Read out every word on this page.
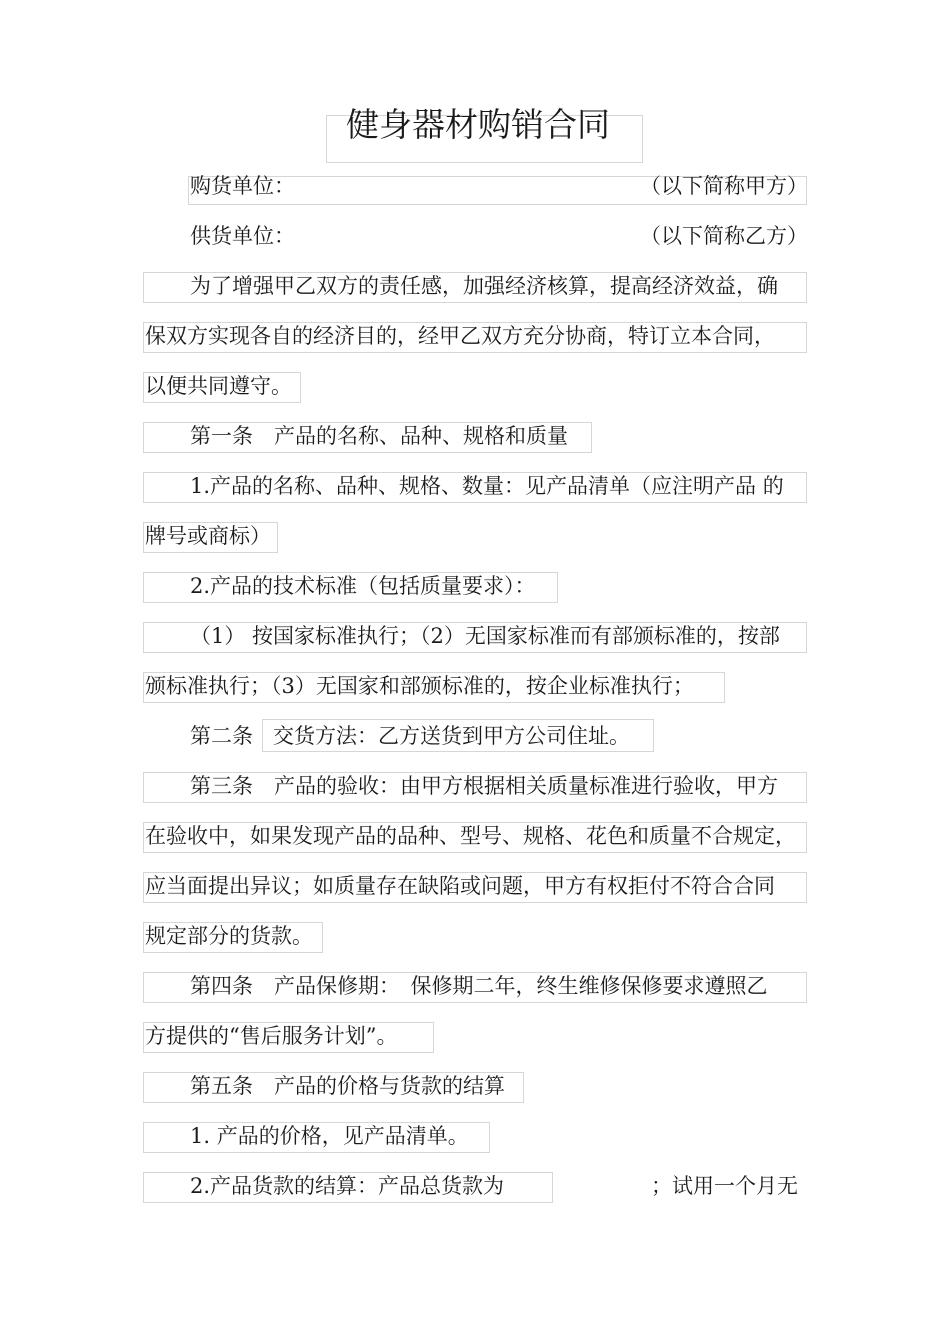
健身器材购销合同
购货单位：	（以下简称甲方）
供货单位：	（以下简称乙方）
为了增强甲乙双方的责任感，加强经济核算，提高经济效益，确
保双方实现各自的经济目的，经甲乙双方充分协商，特订立本合同，
以便共同遵守。
第一条　产品的名称、品种、规格和质量
1.产品的名称、品种、规格、数量：见产品清单（应注明产品 的
牌号或商标）
2.产品的技术标准（包括质量要求）：
（1） 按国家标准执行；（2）无国家标准而有部颁标准的，按部
颁标准执行；（3）无国家和部颁标准的，按企业标准执行；
第二条 交货方法：乙方送货到甲方公司住址。
第三条　产品的验收：由甲方根据相关质量标准进行验收，甲方
在验收中，如果发现产品的品种、型号、规格、花色和质量不合规定，
应当面提出异议；如质量存在缺陷或问题，甲方有权拒付不符合合同
规定部分的货款。
第四条　产品保修期：　保修期二年，终生维修保修要求遵照乙
方提供的“售后服务计划”。
第五条　产品的价格与货款的结算
1. 产品的价格，见产品清单。
2.产品货款的结算：产品总货款为	；试用一个月无
